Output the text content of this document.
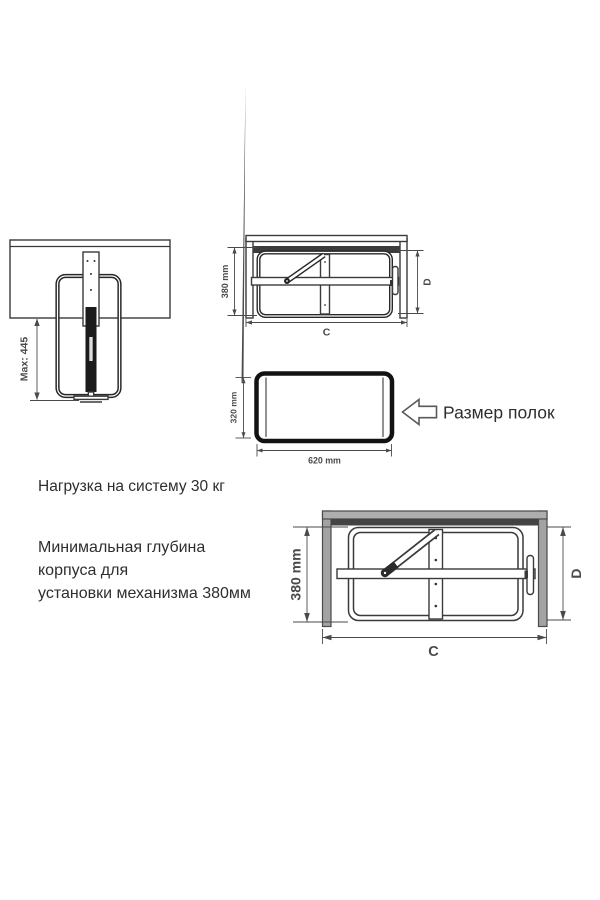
Max: 445
380 mm	D
C
320 mm
620 mm
Размер полок
380 mm	D
C
Нагрузка на систему 30 кг
Минимальная глубина
корпуса для
установки механизма 380мм
